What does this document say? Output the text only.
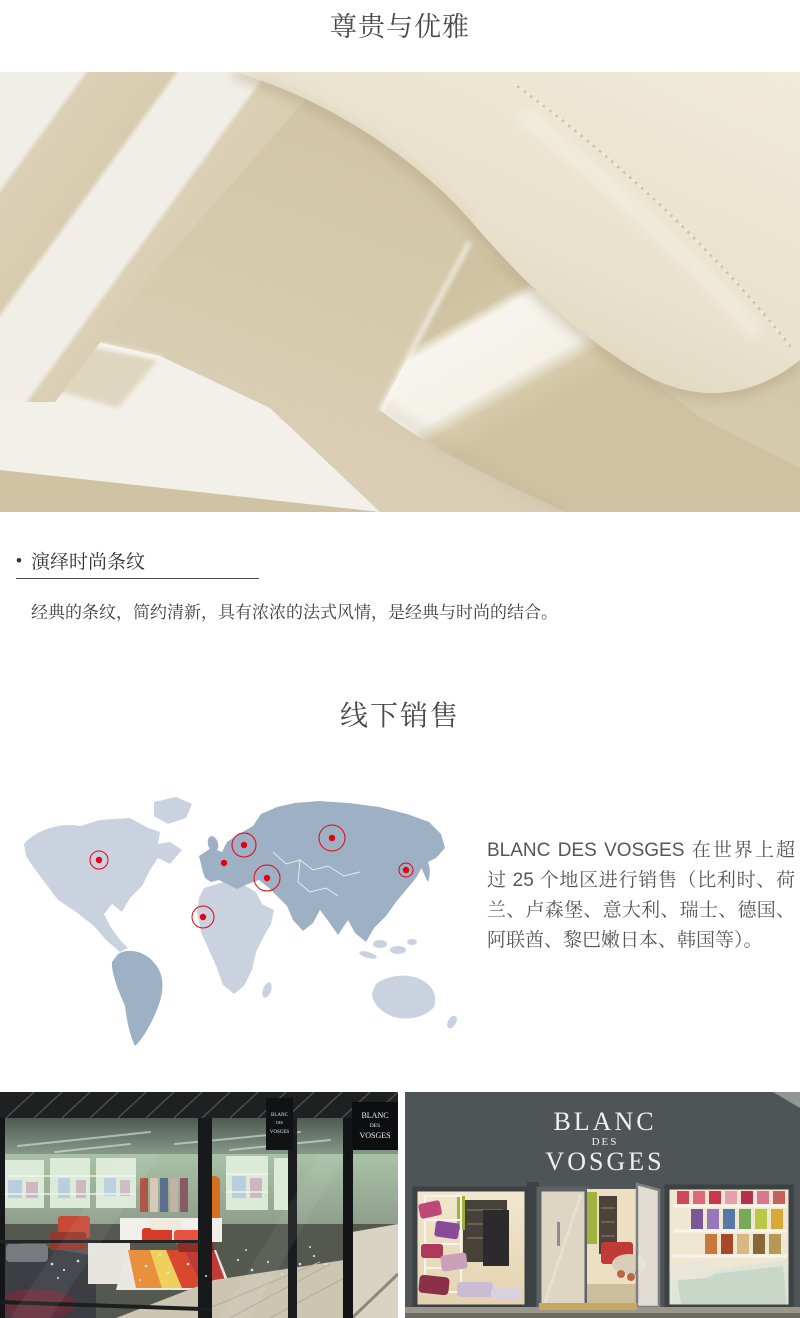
尊贵与优雅
• 演绎时尚条纹
经典的条纹，简约清新，具有浓浓的法式风情，是经典与时尚的结合。
线下销售
BLANC DES VOSGES 在世界上超过 25 个地区进行销售（比利时、荷兰、卢森堡、意大利、瑞士、德国、阿联酋、黎巴嫩日本、韩国等）。
BLANC
DES
VOSGES
BLANC
DES
VOSGES	BLANC
DES
VOSGES
